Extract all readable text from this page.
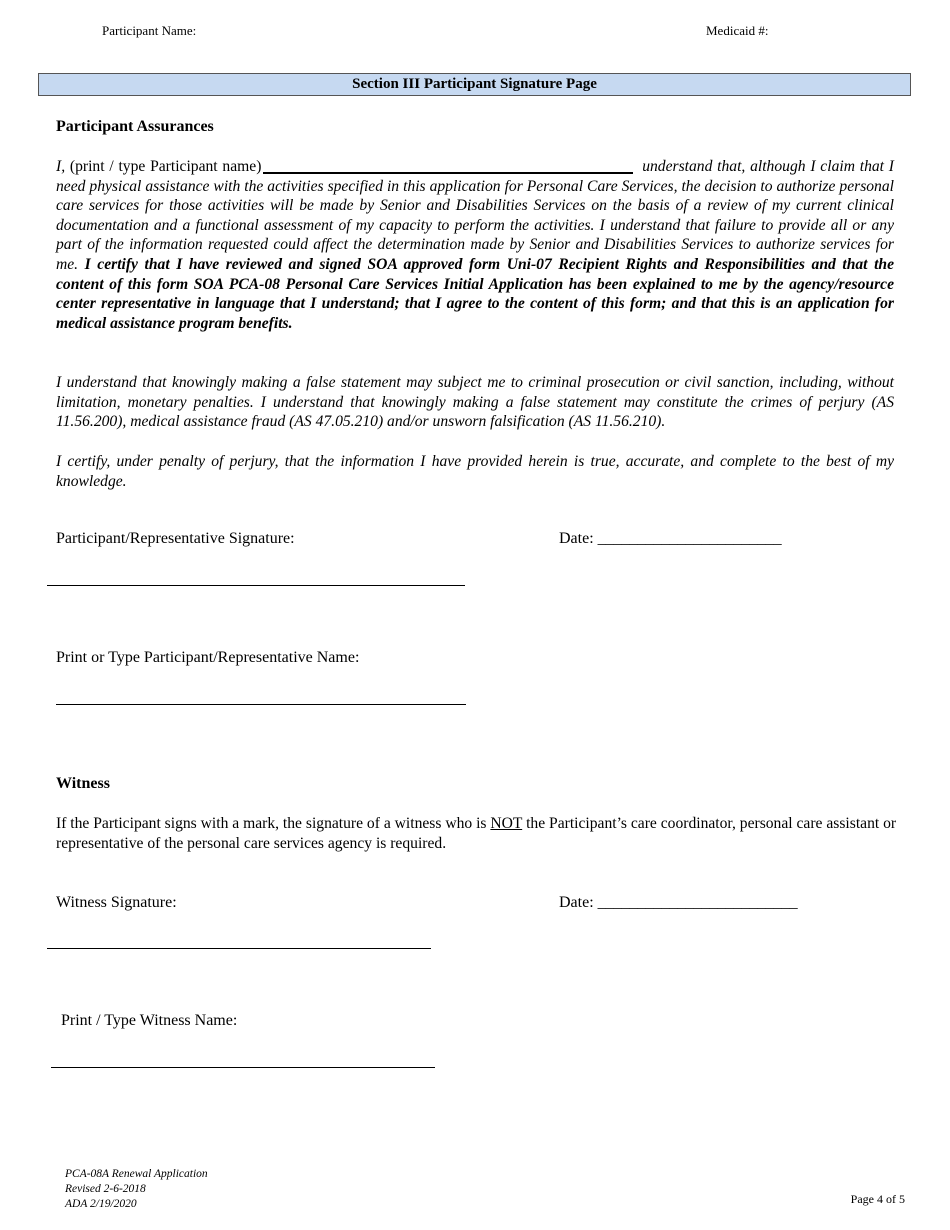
Participant Name:	Medicaid #:
Section III Participant Signature Page
Participant Assurances
I, (print / type Participant name)	understand that, although I claim that I need physical assistance with the activities specified in this application for Personal Care Services, the decision to authorize personal care services for those activities will be made by Senior and Disabilities Services on the basis of a review of my current clinical documentation and a functional assessment of my capacity to perform the activities. I understand that failure to provide all or any part of the information requested could affect the determination made by Senior and Disabilities Services to authorize services for me. I certify that I have reviewed and signed SOA approved form Uni-07 Recipient Rights and Responsibilities and that the content of this form SOA PCA-08 Personal Care Services Initial Application has been explained to me by the agency/resource center representative in language that I understand; that I agree to the content of this form; and that this is an application for medical assistance program benefits.
I understand that knowingly making a false statement may subject me to criminal prosecution or civil sanction, including, without limitation, monetary penalties. I understand that knowingly making a false statement may constitute the crimes of perjury (AS 11.56.200), medical assistance fraud (AS 47.05.210) and/or unsworn falsification (AS 11.56.210).
I certify, under penalty of perjury, that the information I have provided herein is true, accurate, and complete to the best of my knowledge.
Participant/Representative Signature:	Date: _______________________
Print or Type Participant/Representative Name:
Witness
If the Participant signs with a mark, the signature of a witness who is NOT the Participant’s care coordinator, personal care assistant or representative of the personal care services agency is required.
Witness Signature:	Date: _________________________
Print / Type Witness Name:
PCA-08A Renewal Application
Revised 2-6-2018
ADA 2/19/2020	Page 4 of 5
